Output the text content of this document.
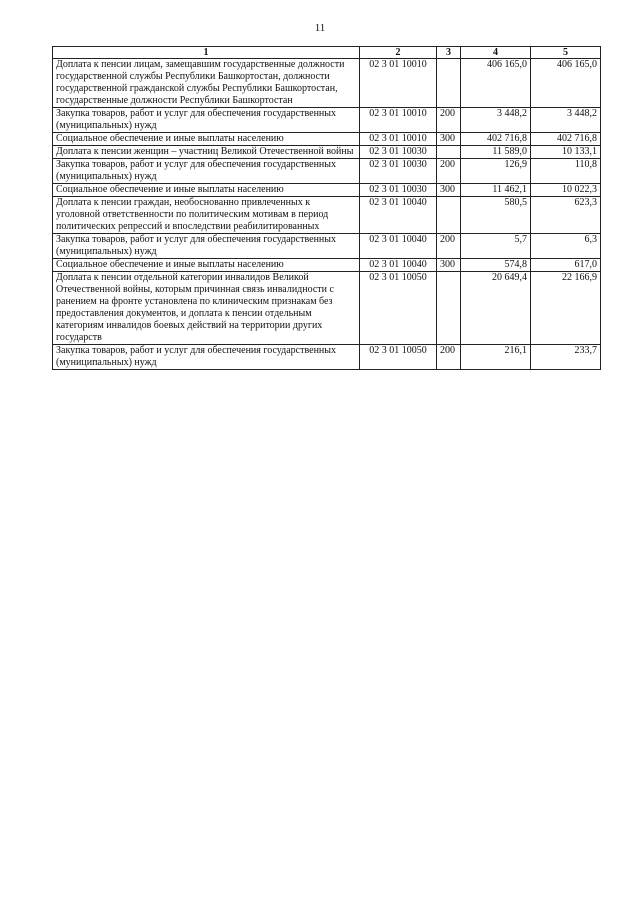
11
1	2	3	4	5
Доплата к пенсии лицам, замещавшим государственные должности государственной службы Республики Башкортостан, должности государственной гражданской службы Республики Башкортостан, государственные должности Республики Башкортостан	02 3 01 10010		406 165,0	406 165,0
Закупка товаров, работ и услуг для обеспечения государственных (муниципальных) нужд	02 3 01 10010	200	3 448,2	3 448,2
Социальное обеспечение и иные выплаты населению	02 3 01 10010	300	402 716,8	402 716,8
Доплата к пенсии женщин – участниц Великой Отечественной войны	02 3 01 10030		11 589,0	10 133,1
Закупка товаров, работ и услуг для обеспечения государственных (муниципальных) нужд	02 3 01 10030	200	126,9	110,8
Социальное обеспечение и иные выплаты населению	02 3 01 10030	300	11 462,1	10 022,3
Доплата к пенсии граждан, необоснованно привлеченных к уголовной ответственности по политическим мотивам в период политических репрессий и впоследствии реабилитированных	02 3 01 10040		580,5	623,3
Закупка товаров, работ и услуг для обеспечения государственных (муниципальных) нужд	02 3 01 10040	200	5,7	6,3
Социальное обеспечение и иные выплаты населению	02 3 01 10040	300	574,8	617,0
Доплата к пенсии отдельной категории инвалидов Великой Отечественной войны, которым причинная связь инвалидности с ранением на фронте установлена по клиническим признакам без предоставления документов, и доплата к пенсии отдельным категориям инвалидов боевых действий на территории других государств	02 3 01 10050		20 649,4	22 166,9
Закупка товаров, работ и услуг для обеспечения государственных (муниципальных) нужд	02 3 01 10050	200	216,1	233,7
